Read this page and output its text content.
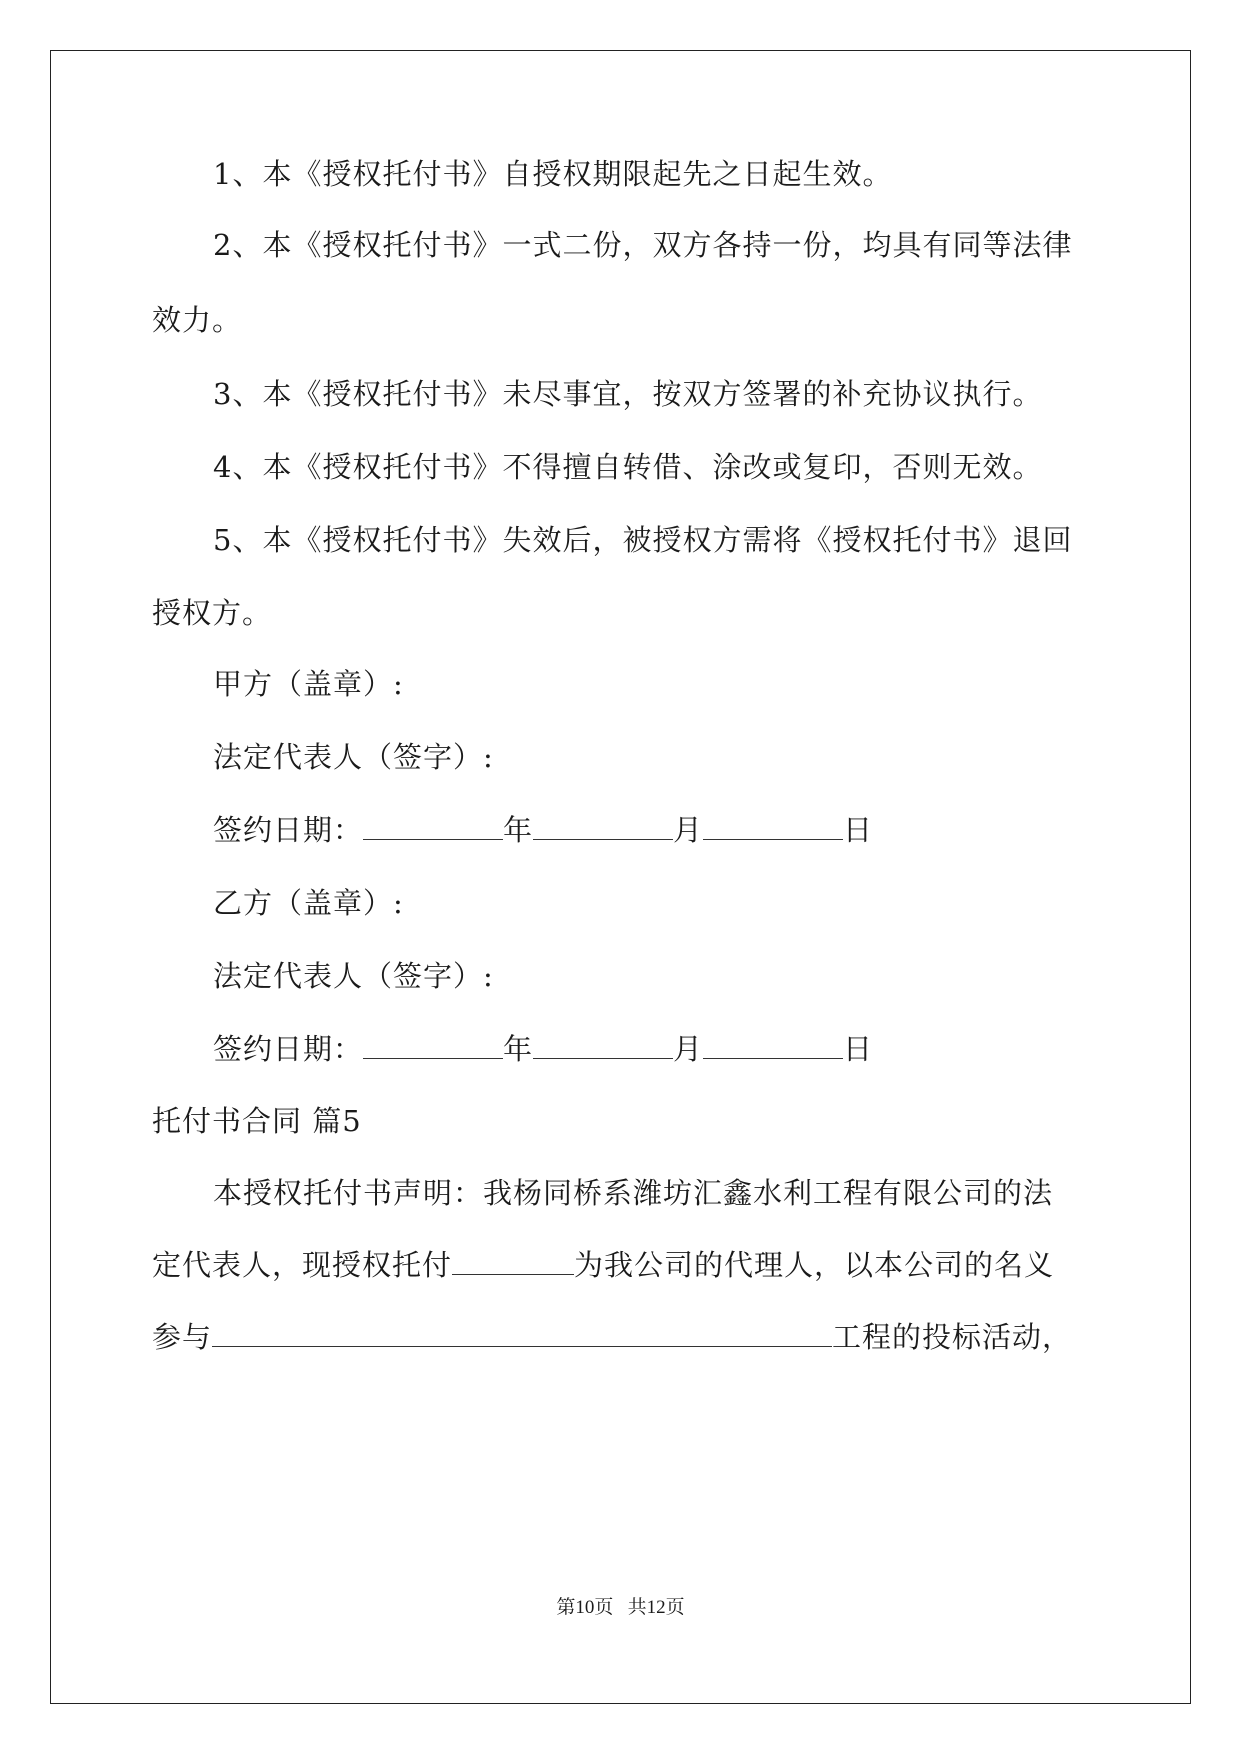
1、本《授权托付书》自授权期限起先之日起生效。
2、本《授权托付书》一式二份，双方各持一份，均具有同等法律
效力。
3、本《授权托付书》未尽事宜，按双方签署的补充协议执行。
4、本《授权托付书》不得擅自转借、涂改或复印，否则无效。
5、本《授权托付书》失效后，被授权方需将《授权托付书》退回
授权方。
甲方（盖章）:
法定代表人（签字）:
签约日期：	年	月	日
乙方（盖章）:
法定代表人（签字）:
签约日期：	年	月	日
托付书合同 篇5
本授权托付书声明：我杨同桥系潍坊汇鑫水利工程有限公司的法
定代表人，现授权托付	为我公司的代理人，以本公司的名义
参与	工程的投标活动，
第10页 共12页
